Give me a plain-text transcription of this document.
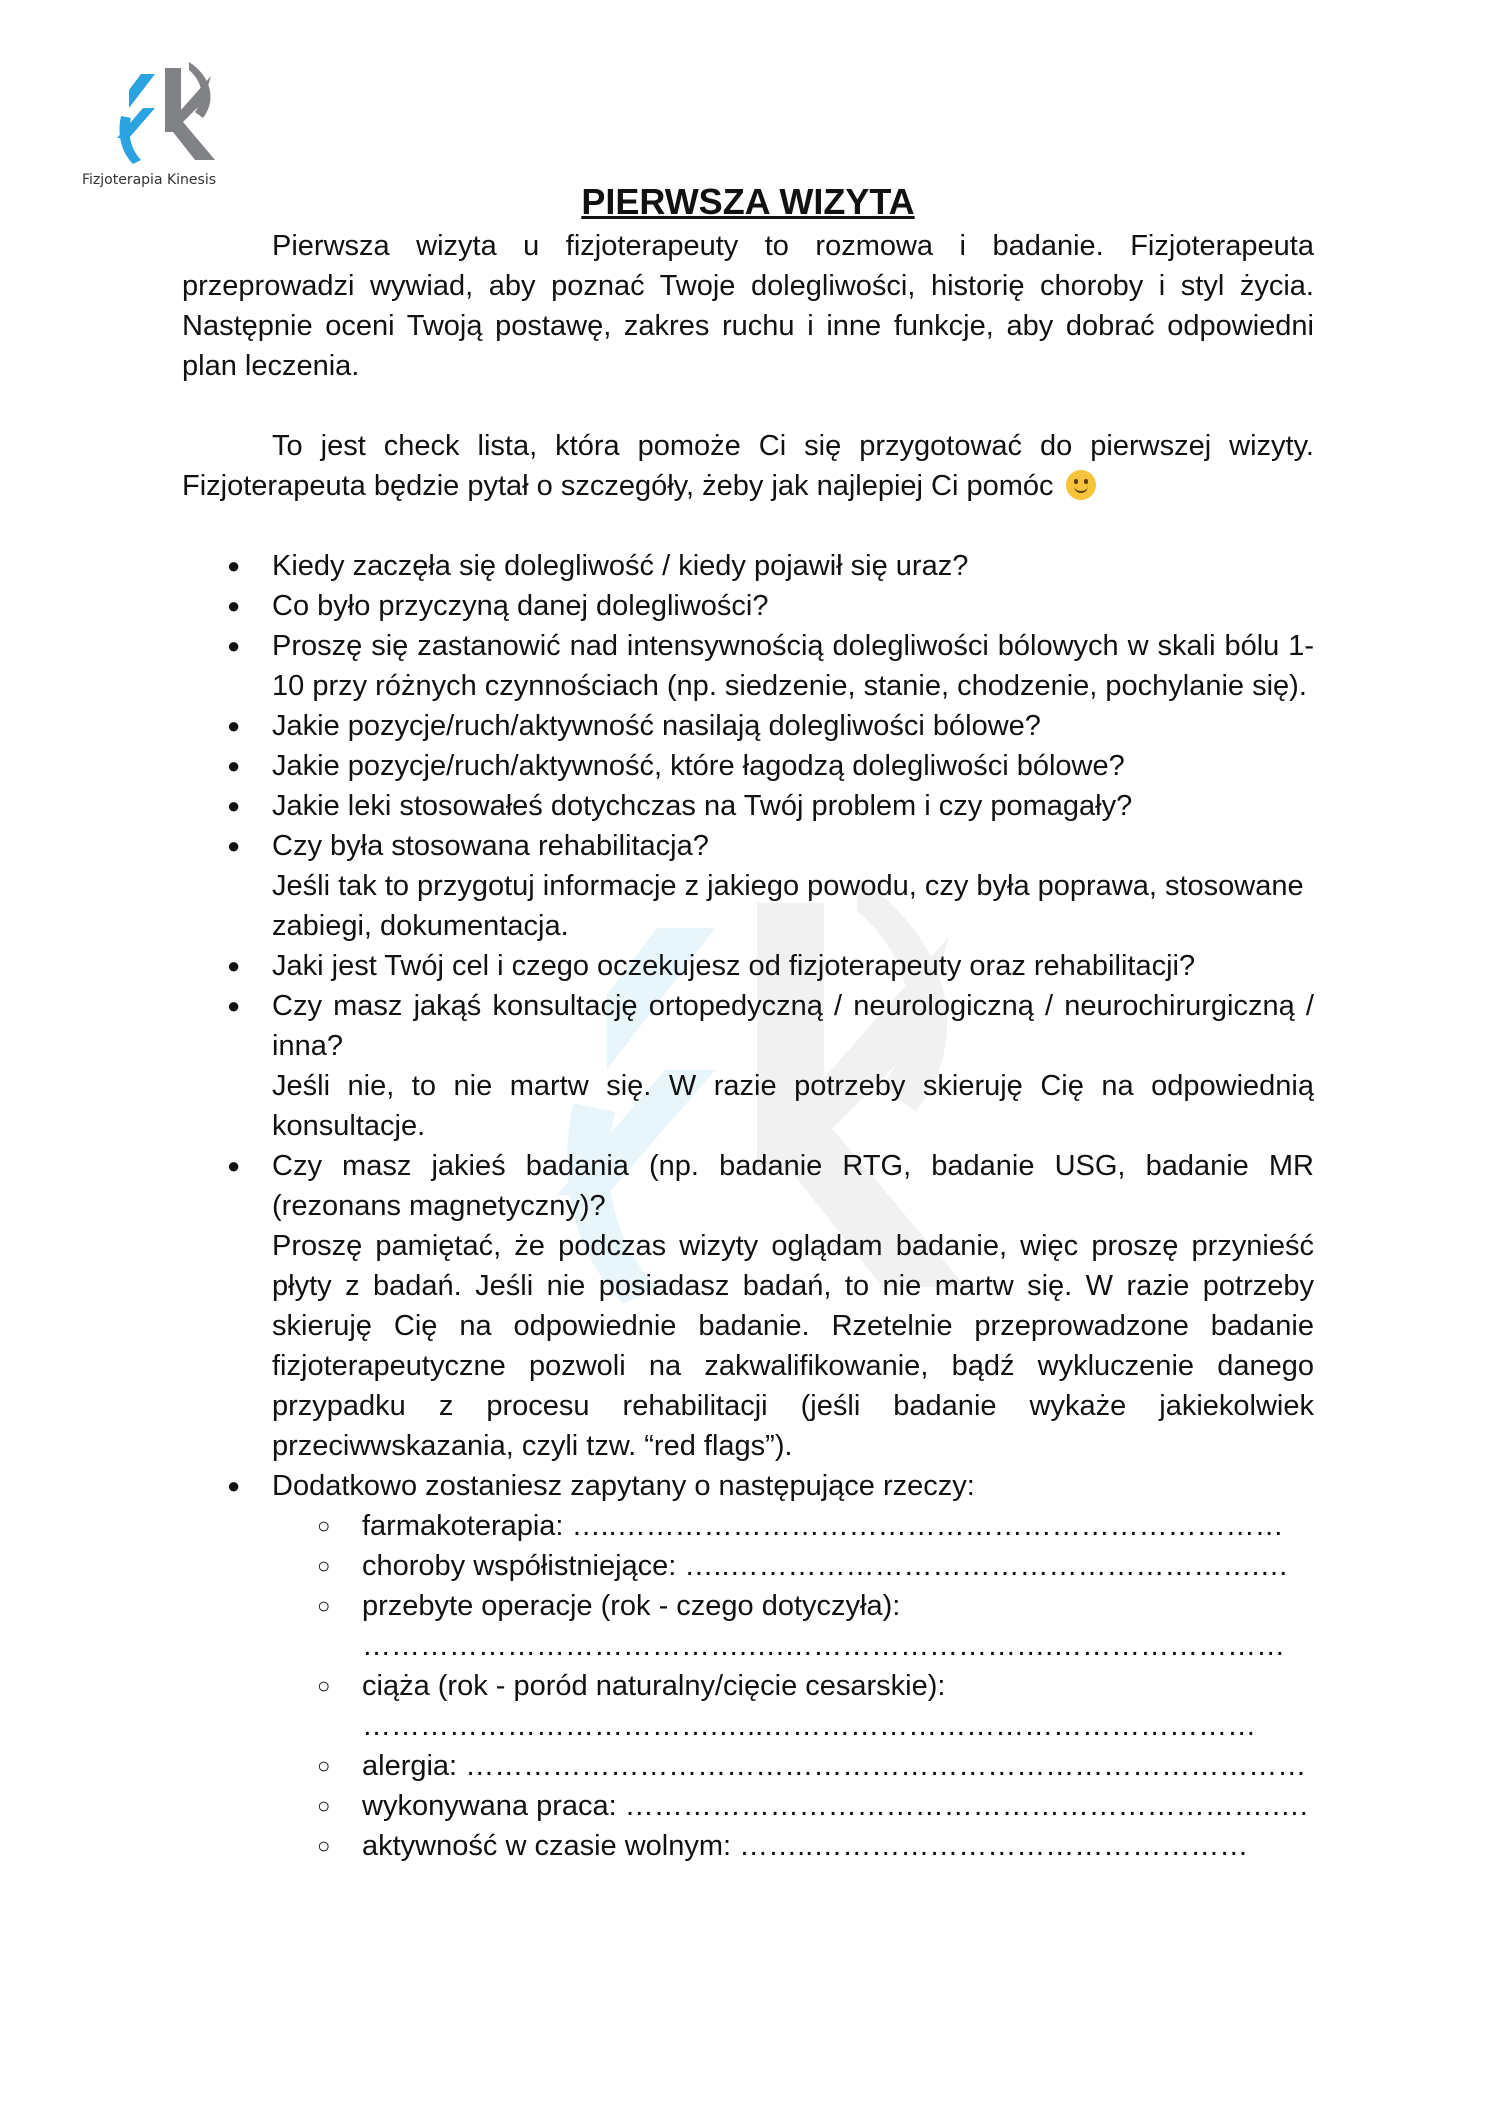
Fizjoterapia Kinesis
PIERWSZA WIZYTA

Pierwsza wizyta u fizjoterapeuty to rozmowa i badanie. Fizjoterapeuta przeprowadzi wywiad, aby poznać Twoje dolegliwości, historię choroby i styl życia. Następnie oceni Twoją postawę, zakres ruchu i inne funkcje, aby dobrać odpowiedni plan leczenia.

To jest check lista, która pomoże Ci się przygotować do pierwszej wizyty. Fizjoterapeuta będzie pytał o szczegóły, żeby jak najlepiej Ci pomóc

● Kiedy zaczęła się dolegliwość / kiedy pojawił się uraz?
● Co było przyczyną danej dolegliwości?
● Proszę się zastanowić nad intensywnością dolegliwości bólowych w skali bólu 1-10 przy różnych czynnościach (np. siedzenie, stanie, chodzenie, pochylanie się).
● Jakie pozycje/ruch/aktywność nasilają dolegliwości bólowe?
● Jakie pozycje/ruch/aktywność, które łagodzą dolegliwości bólowe?
● Jakie leki stosowałeś dotychczas na Twój problem i czy pomagały?
● Czy była stosowana rehabilitacja?
Jeśli tak to przygotuj informacje z jakiego powodu, czy była poprawa, stosowane zabiegi, dokumentacja.
● Jaki jest Twój cel i czego oczekujesz od fizjoterapeuty oraz rehabilitacji?
● Czy masz jakąś konsultację ortopedyczną / neurologiczną / neurochirurgiczną / inna?
Jeśli nie, to nie martw się. W razie potrzeby skieruję Cię na odpowiednią konsultacje.
● Czy masz jakieś badania (np. badanie RTG, badanie USG, badanie MR (rezonans magnetyczny)?
Proszę pamiętać, że podczas wizyty oglądam badanie, więc proszę przynieść płyty z badań. Jeśli nie posiadasz badań, to nie martw się. W razie potrzeby skieruję Cię na odpowiednie badanie. Rzetelnie przeprowadzone badanie fizjoterapeutyczne pozwoli na zakwalifikowanie, bądź wykluczenie danego przypadku z procesu rehabilitacji (jeśli badanie wykaże jakiekolwiek przeciwwskazania, czyli tzw. “red flags”).
● Dodatkowo zostaniesz zapytany o następujące rzeczy:
○ farmakoterapia: …..……………………………………………………………
○ choroby współistniejące: …..……………………………………………….…
○ przebyte operacje (rok - czego dotyczyła):
………………………………….….……………………….……………………
○ ciąża (rok - poród naturalny/cięcie cesarskie):
……………………………….…..……………………………………………
○ alergia: ……………………………………………………………………………
○ wykonywana praca: ………………………………………………………….….
○ aktywność w czasie wolnym: ……..………………………………………
